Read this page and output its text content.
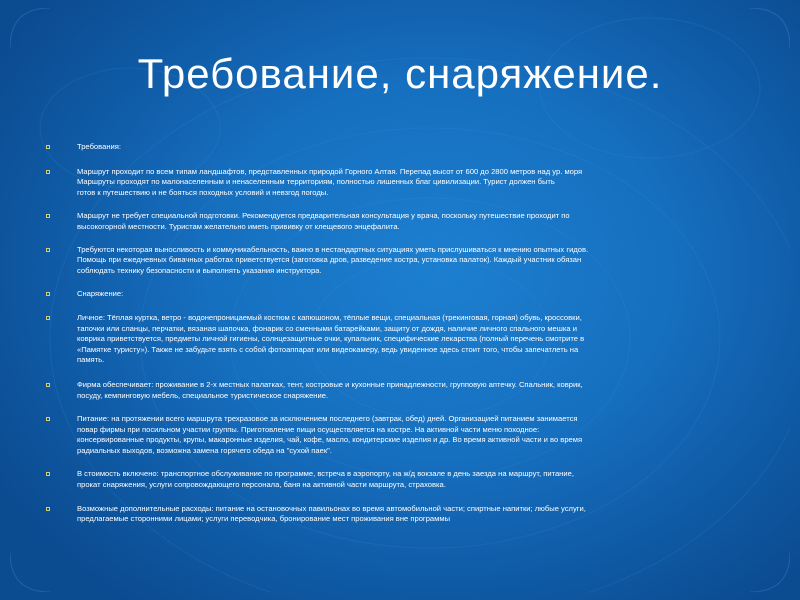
Требование, снаряжение.
Требования:
Маршрут проходит по всем типам ландшафтов, представленных природой Горного Алтая. Перепад высот от 600 до 2800 метров над ур. моря
Маршруты проходят по малонаселенным и ненаселенным территориям, полностью лишенных благ цивилизации. Турист должен быть
готов к путешествию и не бояться походных условий и невзгод погоды.
Маршрут не требует специальной подготовки. Рекомендуется предварительная консультация у врача, поскольку путешествие проходит по
высокогорной местности. Туристам желательно иметь прививку от клещевого энцефалита.
Требуются некоторая выносливость и коммуникабельность, важно в нестандартных ситуациях уметь прислушиваться к мнению опытных гидов.
Помощь при ежедневных бивачных работах приветствуется (заготовка дров, разведение костра, установка палаток). Каждый участник обязан
соблюдать технику безопасности и выполнять указания инструктора.
Снаряжение:
Личное: Тёплая куртка, ветро - водонепроницаемый костюм с капюшоном, тёплые вещи, специальная (трекинговая, горная) обувь, кроссовки,
тапочки или сланцы, перчатки, вязаная шапочка, фонарик со сменными батарейками, защиту от дождя, наличие личного спального мешка и
коврика приветствуется, предметы личной гигиены, солнцезащитные очки, купальник, специфические лекарства (полный перечень смотрите в
«Памятке туристу»). Также не забудьте взять с собой фотоаппарат или видеокамеру, ведь увиденное здесь стоит того, чтобы запечатлеть на
память.
Фирма обеспечивает: проживание в 2-х местных палатках, тент, костровые и кухонные принадлежности, групповую аптечку. Спальник, коврик,
посуду, кемпинговую мебель, специальное туристическое снаряжение.
Питание: на протяжении всего маршрута трехразовое за исключением последнего (завтрак, обед) дней. Организацией питанием занимается
повар фирмы при посильном участии группы. Приготовление пищи осуществляется на костре. На активной части меню походное:
консервированные продукты, крупы, макаронные изделия, чай, кофе, масло, кондитерские изделия и др. Во время активной части и во время
радиальных выходов, возможна замена горячего обеда на "сухой паек".
В стоимость включено: транспортное обслуживание по программе, встреча в аэропорту, на ж/д вокзале в день заезда на маршрут, питание,
прокат снаряжения, услуги сопровождающего персонала, баня на активной части маршрута, страховка.
Возможные дополнительные расходы: питание на остановочных павильонах во время автомобильной части; спиртные напитки; любые услуги,
предлагаемые сторонними лицами; услуги переводчика, бронирование мест проживания вне программы
